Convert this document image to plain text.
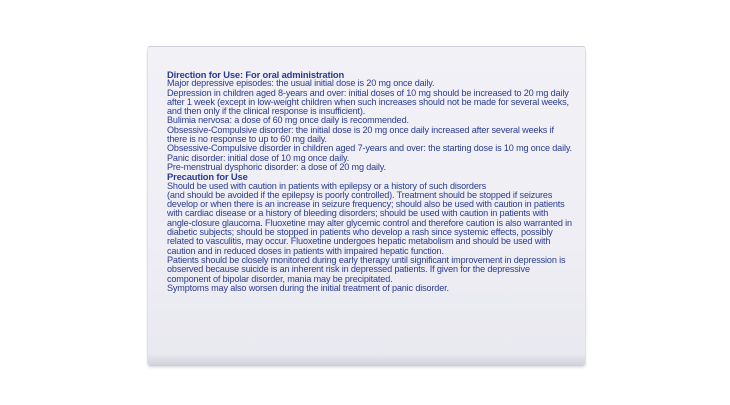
Direction for Use: For oral administration

Major depressive episodes: the usual initial dose is 20 mg once daily.

Depression in children aged 8-years and over: initial doses of 10 mg should be increased to 20 mg daily after 1 week (except in low-weight children when such increases should not be made for several weeks, and then only if the clinical response is insufficient).

Bulimia nervosa: a dose of 60 mg once daily is recommended.

Obsessive-Compulsive disorder: the initial dose is 20 mg once daily increased after several weeks if there is no response to up to 60 mg daily.

Obsessive-Compulsive disorder in children aged 7-years and over: the starting dose is 10 mg once daily.

Panic disorder: initial dose of 10 mg once daily.

Pre-menstrual dysphoric disorder: a dose of 20 mg daily.

Precaution for Use

Should be used with caution in patients with epilepsy or a history of such disorders

(and should be avoided if the epilepsy is poorly controlled). Treatment should be stopped if seizures develop or when there is an increase in seizure frequency; should also be used with caution in patients with cardiac disease or a history of bleeding disorders; should be used with caution in patients with angle-closure glaucoma. Fluoxetine may alter glycemic control and therefore caution is also warranted in diabetic subjects; should be stopped in patients who develop a rash since systemic effects, possibly related to vasculitis, may occur. Fluoxetine undergoes hepatic metabolism and should be used with caution and in reduced doses in patients with impaired hepatic function.

Patients should be closely monitored during early therapy until significant improvement in depression is observed because suicide is an inherent risk in depressed patients. If given for the depressive component of bipolar disorder, mania may be precipitated.

Symptoms may also worsen during the initial treatment of panic disorder.
